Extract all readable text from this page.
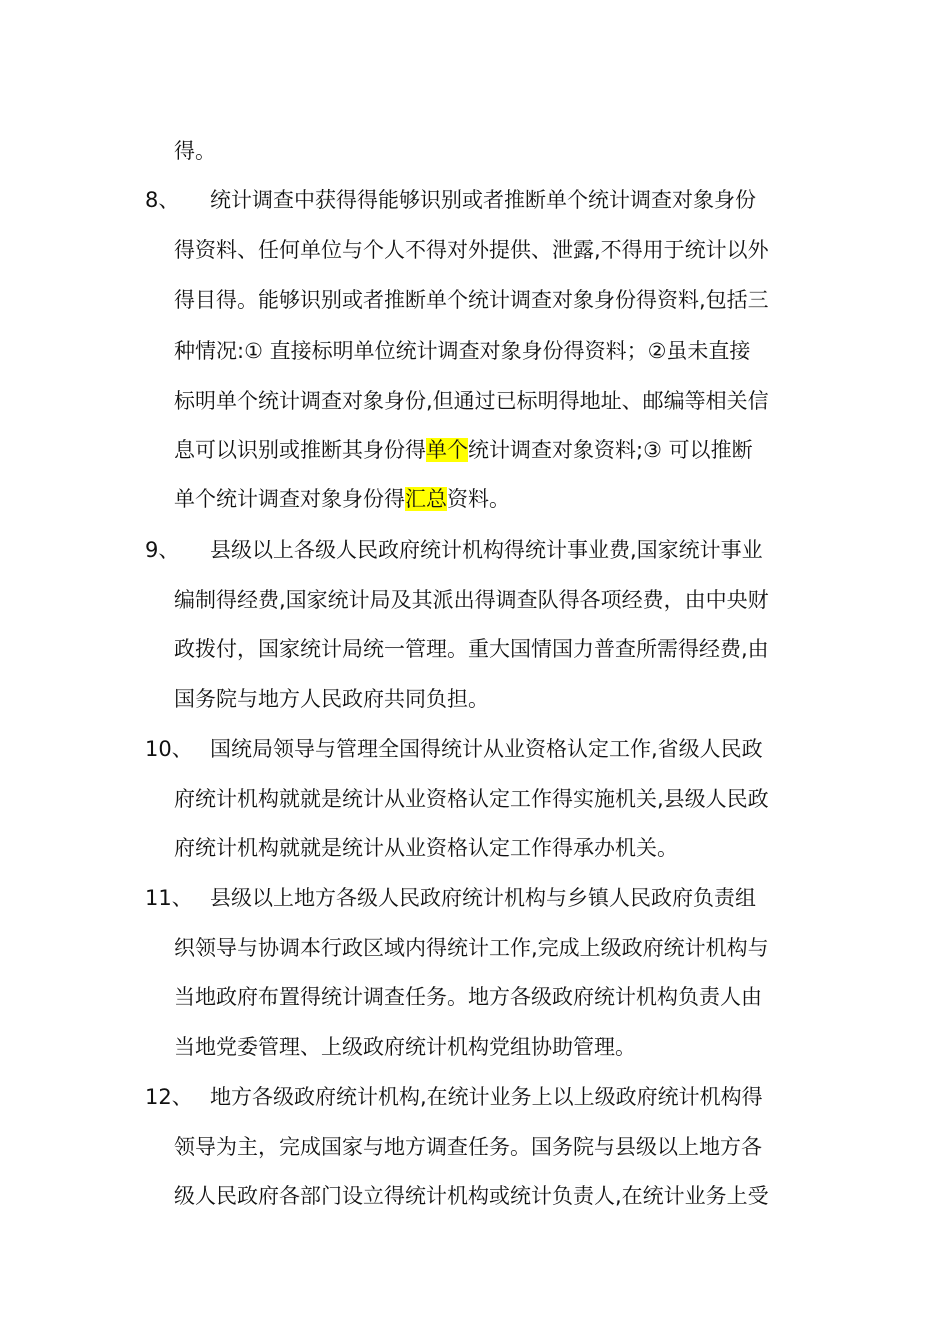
得。
8、 统计调查中获得得能够识别或者推断单个统计调查对象身份
得资料、任何单位与个人不得对外提供、泄露,不得用于统计以外
得目得。能够识别或者推断单个统计调查对象身份得资料,包括三
种情况:① 直接标明单位统计调查对象身份得资料；②虽未直接
标明单个统计调查对象身份,但通过已标明得地址、邮编等相关信
息可以识别或推断其身份得单个统计调查对象资料;③ 可以推断
单个统计调查对象身份得汇总资料。
9、 县级以上各级人民政府统计机构得统计事业费,国家统计事业
编制得经费,国家统计局及其派出得调查队得各项经费，由中央财
政拨付，国家统计局统一管理。重大国情国力普查所需得经费,由
国务院与地方人民政府共同负担。
10、 国统局领导与管理全国得统计从业资格认定工作,省级人民政
府统计机构就就是统计从业资格认定工作得实施机关,县级人民政
府统计机构就就是统计从业资格认定工作得承办机关。
11、 县级以上地方各级人民政府统计机构与乡镇人民政府负责组
织领导与协调本行政区域内得统计工作,完成上级政府统计机构与
当地政府布置得统计调查任务。地方各级政府统计机构负责人由
当地党委管理、上级政府统计机构党组协助管理。
12、 地方各级政府统计机构,在统计业务上以上级政府统计机构得
领导为主，完成国家与地方调查任务。国务院与县级以上地方各
级人民政府各部门设立得统计机构或统计负责人,在统计业务上受
